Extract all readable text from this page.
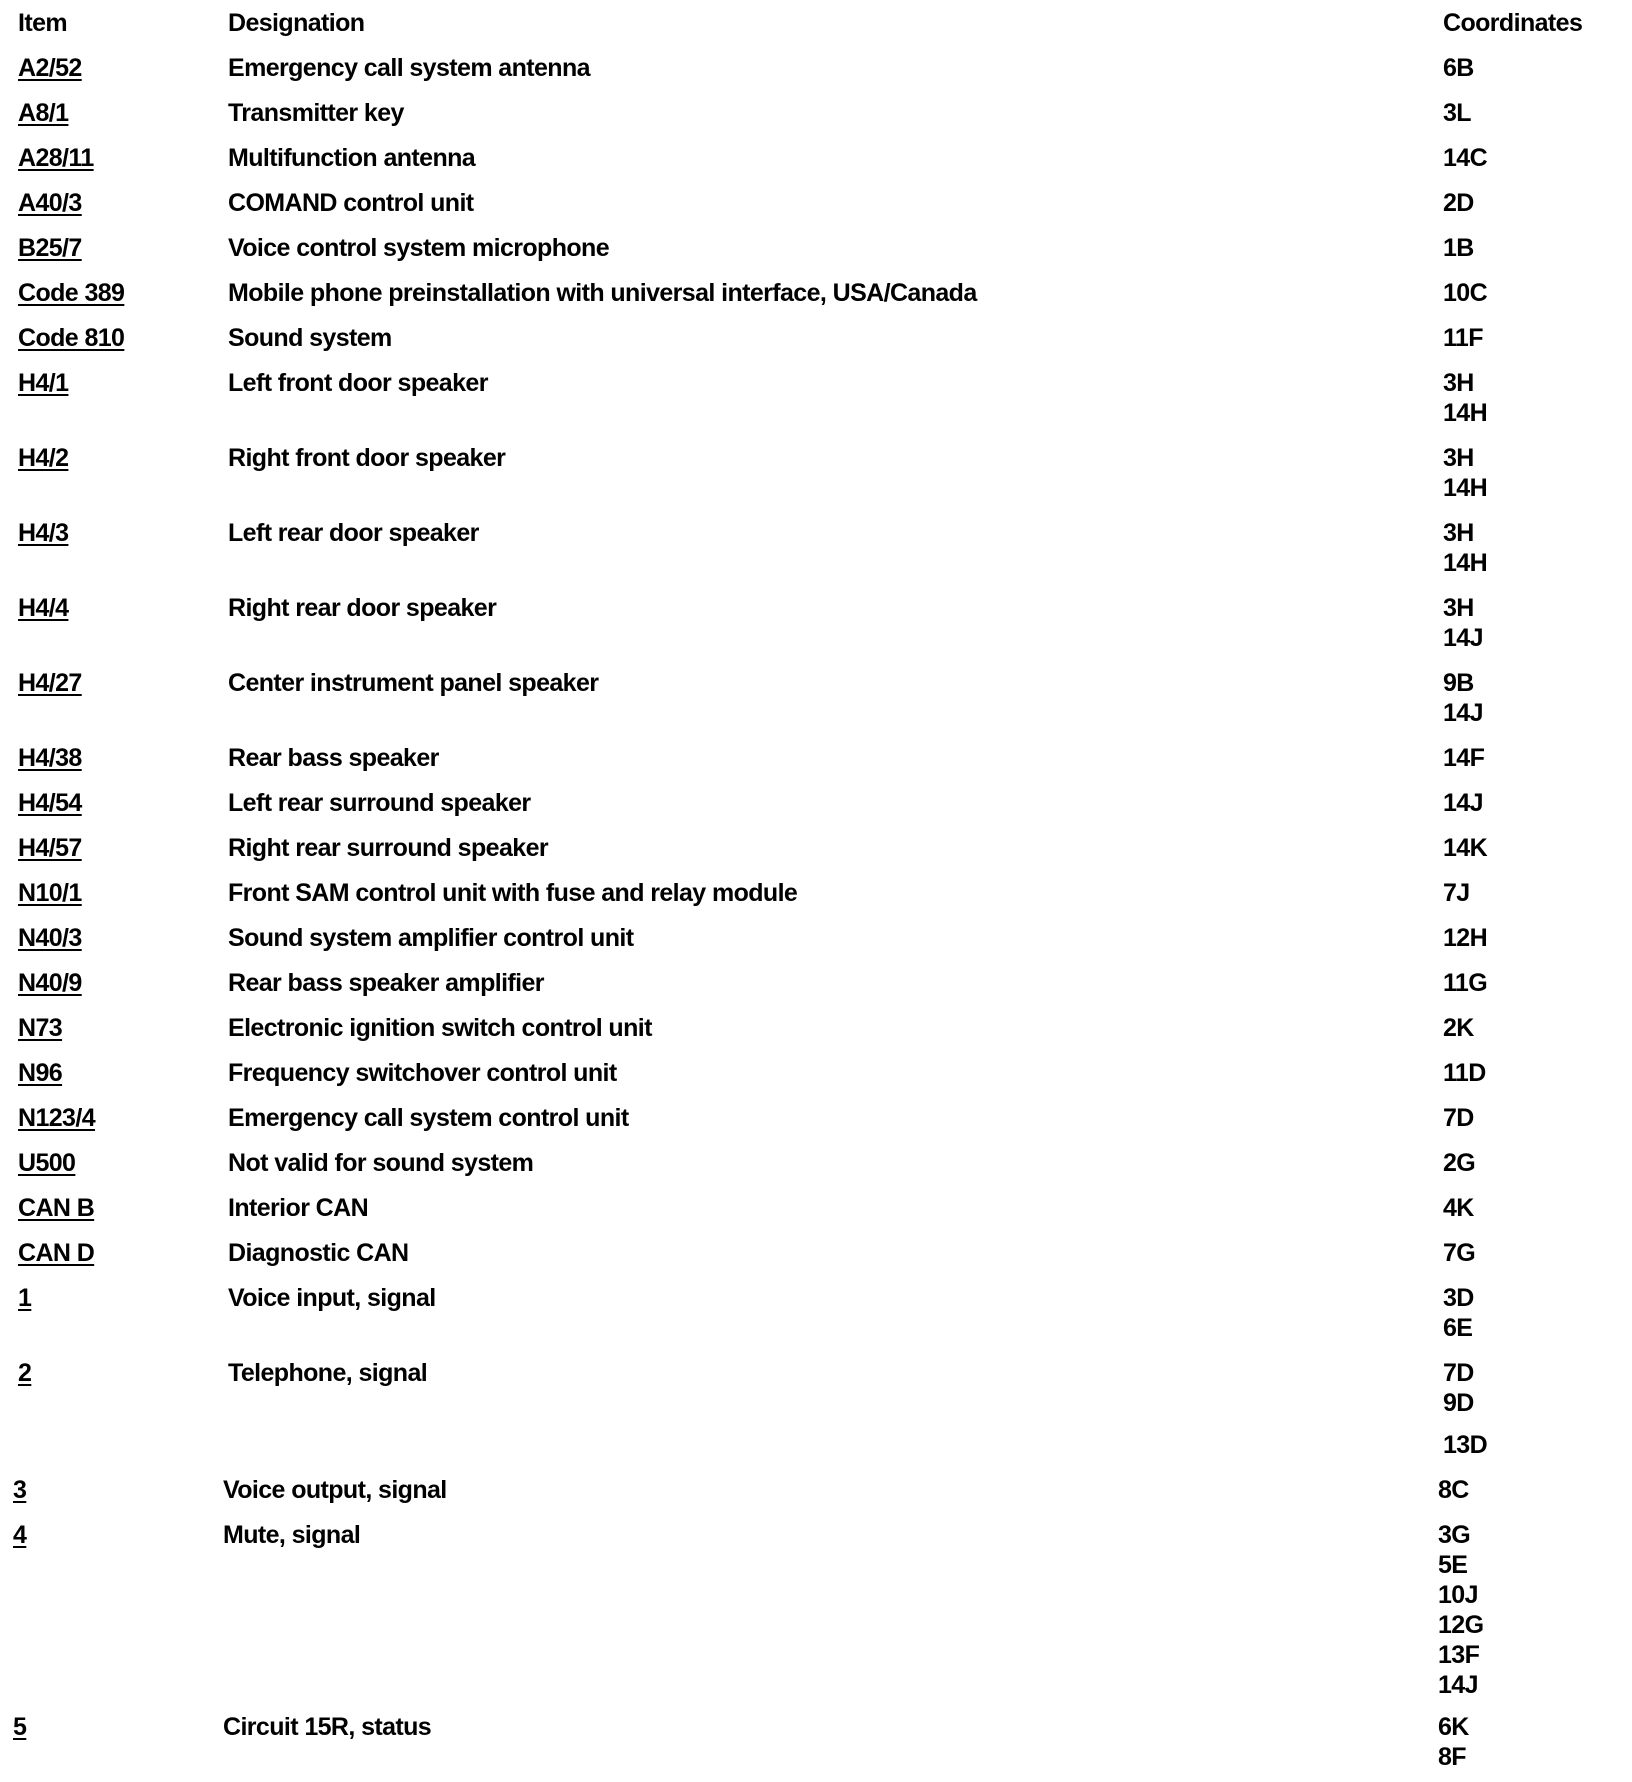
Item	Designation	Coordinates
A2/52	Emergency call system antenna	6B
A8/1	Transmitter key	3L
A28/11	Multifunction antenna	14C
A40/3	COMAND control unit	2D
B25/7	Voice control system microphone	1B
Code 389	Mobile phone preinstallation with universal interface, USA/Canada	10C
Code 810	Sound system	11F
H4/1	Left front door speaker	3H
14H
H4/2	Right front door speaker	3H
14H
H4/3	Left rear door speaker	3H
14H
H4/4	Right rear door speaker	3H
14J
H4/27	Center instrument panel speaker	9B
14J
H4/38	Rear bass speaker	14F
H4/54	Left rear surround speaker	14J
H4/57	Right rear surround speaker	14K
N10/1	Front SAM control unit with fuse and relay module	7J
N40/3	Sound system amplifier control unit	12H
N40/9	Rear bass speaker amplifier	11G
N73	Electronic ignition switch control unit	2K
N96	Frequency switchover control unit	11D
N123/4	Emergency call system control unit	7D
U500	Not valid for sound system	2G
CAN B	Interior CAN	4K
CAN D	Diagnostic CAN	7G
1	Voice input, signal	3D
6E
2	Telephone, signal	7D
9D
13D
3	Voice output, signal	8C
4	Mute, signal	3G
5E
10J
12G
13F
14J
5	Circuit 15R, status	6K
8F
